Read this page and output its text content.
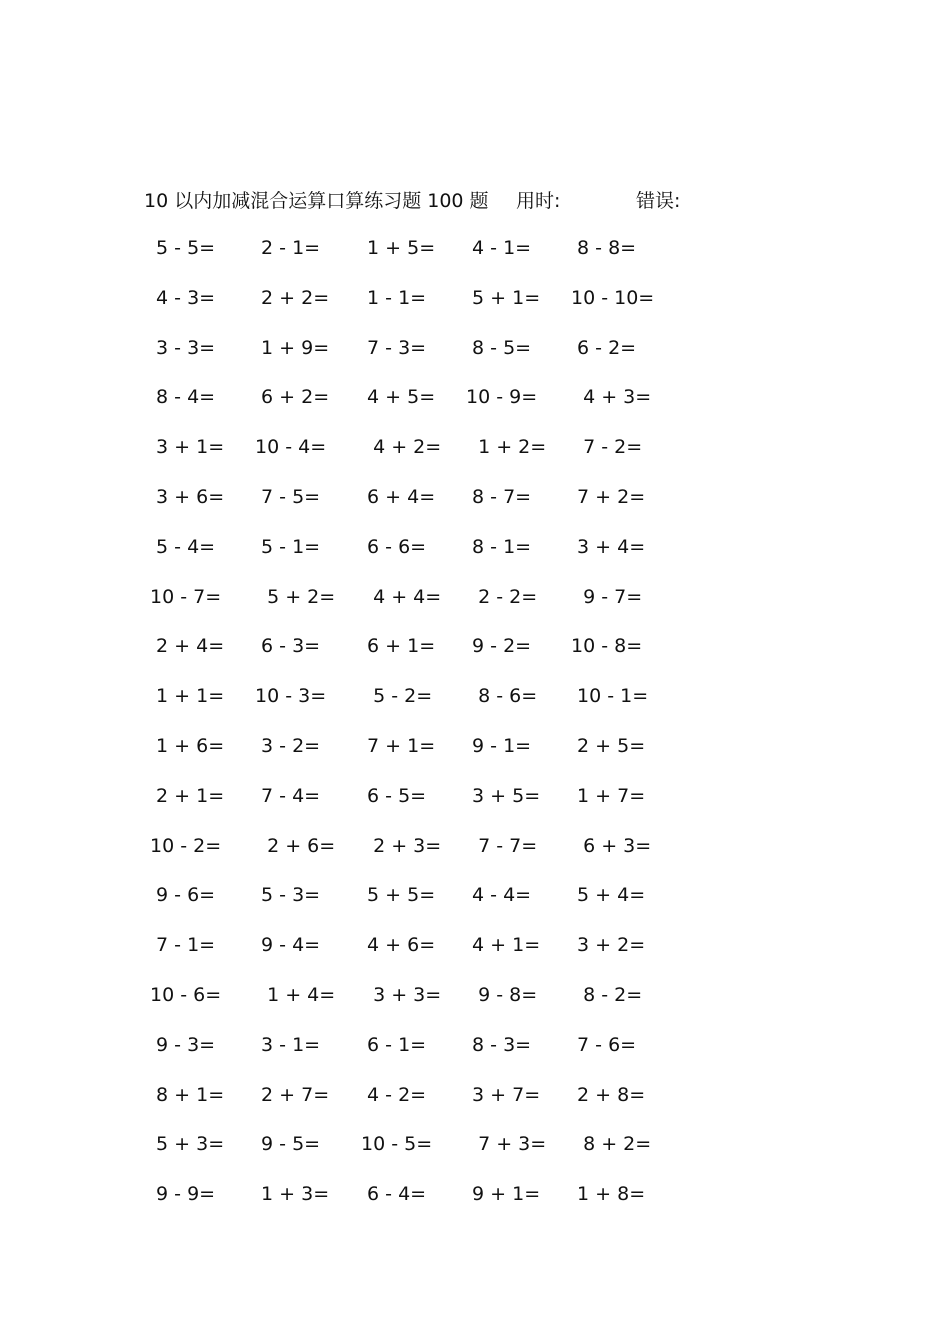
10 以内加减混合运算口算练习题 100 题 用时:	错误:
5 - 5=	2 - 1=	1 + 5=	4 - 1=	8 - 8=
4 - 3=	2 + 2=	1 - 1=	5 + 1=	10 - 10=
3 - 3=	1 + 9=	7 - 3=	8 - 5=	6 - 2=
8 - 4=	6 + 2=	4 + 5=	10 - 9=	4 + 3=
3 + 1=	10 - 4=	4 + 2= 1 + 2= 7 - 2=
3 + 6=	7 - 5=	6 + 4=	8 - 7=	7 + 2=
5 - 4=	5 - 1=	6 - 6=	8 - 1=	3 + 4=
10 - 7=	5 + 2= 4 + 4= 2 - 2=	9 - 7=
2 + 4=	6 - 3=	6 + 1=	9 - 2=	10 - 8=
1 + 1=	10 - 3=	5 - 2=	8 - 6=	10 - 1=
1 + 6=	3 - 2=	7 + 1=	9 - 1=	2 + 5=
2 + 1=	7 - 4=	6 - 5=	3 + 5=	1 + 7=
10 - 2=	2 + 6= 2 + 3= 7 - 7=	6 + 3=
9 - 6=	5 - 3=	5 + 5=	4 - 4=	5 + 4=
7 - 1=	9 - 4=	4 + 6=	4 + 1=	3 + 2=
10 - 6=	1 + 4= 3 + 3= 9 - 8=	8 - 2=
9 - 3=	3 - 1=	6 - 1=	8 - 3=	7 - 6=
8 + 1=	2 + 7=	4 - 2=	3 + 7=	2 + 8=
5 + 3=	9 - 5=	10 - 5=	7 + 3= 8 + 2=
9 - 9=	1 + 3=	6 - 4=	9 + 1=	1 + 8=
